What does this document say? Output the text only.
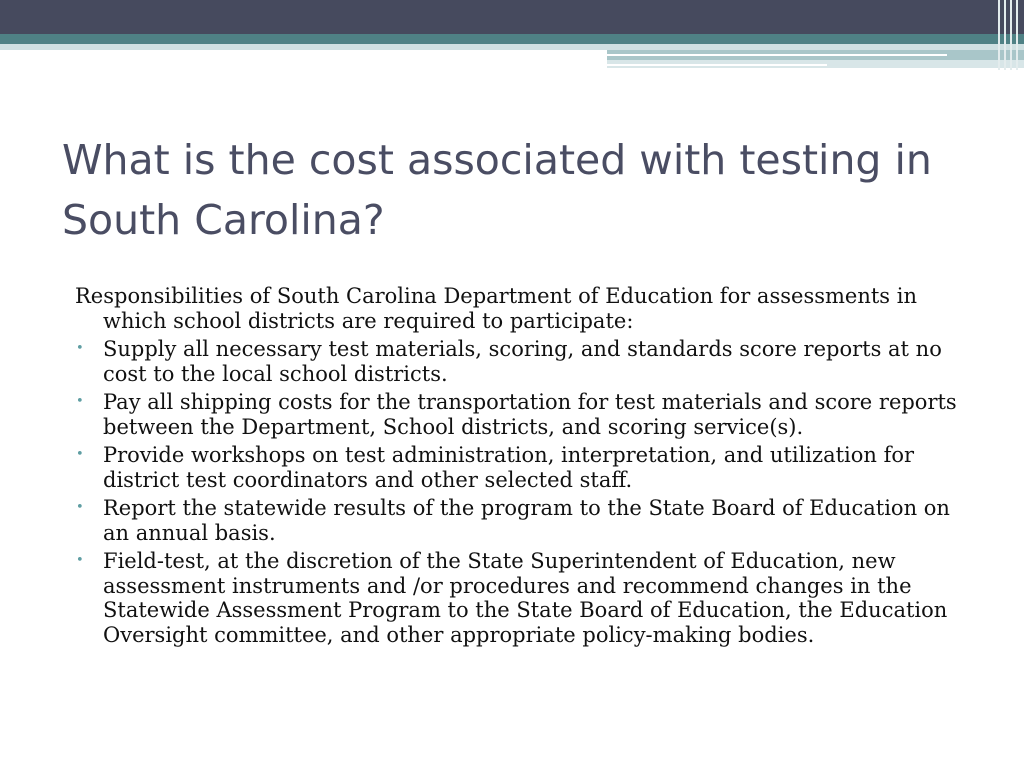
What is the cost associated with testing in South Carolina?

Responsibilities of South Carolina Department of Education for assessments in which school districts are required to participate:

• Supply all necessary test materials, scoring, and standards score reports at no cost to the local school districts.
• Pay all shipping costs for the transportation for test materials and score reports between the Department, School districts, and scoring service(s).
• Provide workshops on test administration, interpretation, and utilization for district test coordinators and other selected staff.
• Report the statewide results of the program to the State Board of Education on an annual basis.
• Field-test, at the discretion of the State Superintendent of Education, new assessment instruments and /or procedures and recommend changes in the Statewide Assessment Program to the State Board of Education, the Education Oversight committee, and other appropriate policy-making bodies.
